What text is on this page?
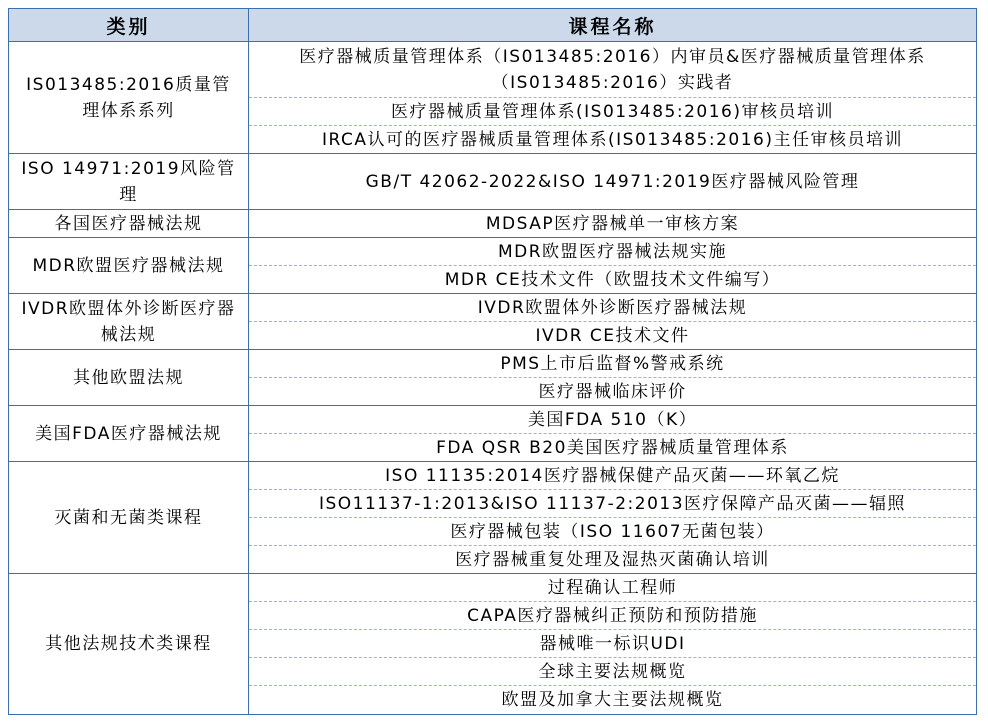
类别	课程名称
IS013485:2016质量管理体系系列
医疗器械质量管理体系（IS013485:2016）内审员&医疗器械质量管理体系（IS013485:2016）实践者
医疗器械质量管理体系(IS013485:2016)审核员培训
IRCA认可的医疗器械质量管理体系(IS013485:2016)主任审核员培训
ISO 14971:2019风险管理
GB/T 42062-2022&ISO 14971:2019医疗器械风险管理
各国医疗器械法规	MDSAP医疗器械单一审核方案
MDR欧盟医疗器械法规
MDR欧盟医疗器械法规实施
MDR CE技术文件（欧盟技术文件编写）
IVDR欧盟体外诊断医疗器械法规
IVDR欧盟体外诊断医疗器械法规
IVDR CE技术文件
其他欧盟法规
PMS上市后监督%警戒系统
医疗器械临床评价
美国FDA医疗器械法规
美国FDA 510（K）
FDA QSR B20美国医疗器械质量管理体系
灭菌和无菌类课程
ISO 11135:2014医疗器械保健产品灭菌——环氧乙烷
ISO11137-1:2013&ISO 11137-2:2013医疗保障产品灭菌——辐照
医疗器械包装（ISO 11607无菌包装）
医疗器械重复处理及湿热灭菌确认培训
其他法规技术类课程
过程确认工程师
CAPA医疗器械纠正预防和预防措施
器械唯一标识UDI
全球主要法规概览
欧盟及加拿大主要法规概览
